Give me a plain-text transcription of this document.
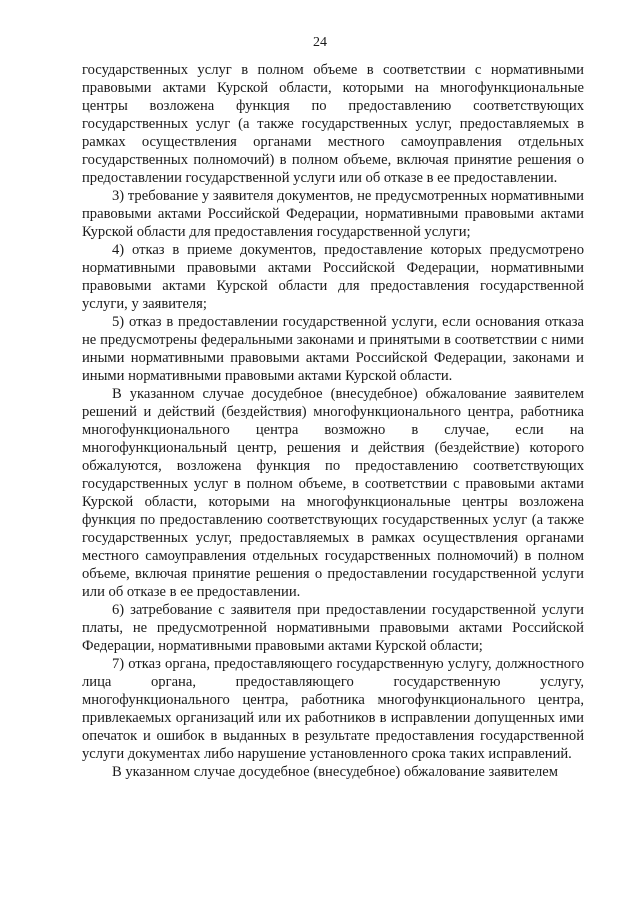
24

государственных услуг в полном объеме в соответствии с нормативными правовыми актами Курской области, которыми на многофункциональные центры возложена функция по предоставлению соответствующих государственных услуг (а также государственных услуг, предоставляемых в рамках осуществления органами местного самоуправления отдельных государственных полномочий) в полном объеме, включая принятие решения о предоставлении государственной услуги или об отказе в ее предоставлении.

3) требование у заявителя документов, не предусмотренных нормативными правовыми актами Российской Федерации, нормативными правовыми актами Курской области для предоставления государственной услуги;

4) отказ в приеме документов, предоставление которых предусмотрено нормативными правовыми актами Российской Федерации, нормативными правовыми актами Курской области для предоставления государственной услуги, у заявителя;

5) отказ в предоставлении государственной услуги, если основания отказа не предусмотрены федеральными законами и принятыми в соответствии с ними иными нормативными правовыми актами Российской Федерации, законами и иными нормативными правовыми актами Курской области.

В указанном случае досудебное (внесудебное) обжалование заявителем решений и действий (бездействия) многофункционального центра, работника многофункционального центра возможно в случае, если на многофункциональный центр, решения и действия (бездействие) которого обжалуются, возложена функция по предоставлению соответствующих государственных услуг в полном объеме, в соответствии с правовыми актами Курской области, которыми на многофункциональные центры возложена функция по предоставлению соответствующих государственных услуг (а также государственных услуг, предоставляемых в рамках осуществления органами местного самоуправления отдельных государственных полномочий) в полном объеме, включая принятие решения о предоставлении государственной услуги или об отказе в ее предоставлении.

6) затребование с заявителя при предоставлении государственной услуги платы, не предусмотренной нормативными правовыми актами Российской Федерации, нормативными правовыми актами Курской области;

7) отказ органа, предоставляющего государственную услугу, должностного лица органа, предоставляющего государственную услугу, многофункционального центра, работника многофункционального центра, привлекаемых организаций или их работников в исправлении допущенных ими опечаток и ошибок в выданных в результате предоставления государственной услуги документах либо нарушение установленного срока таких исправлений.

В указанном случае досудебное (внесудебное) обжалование заявителем
